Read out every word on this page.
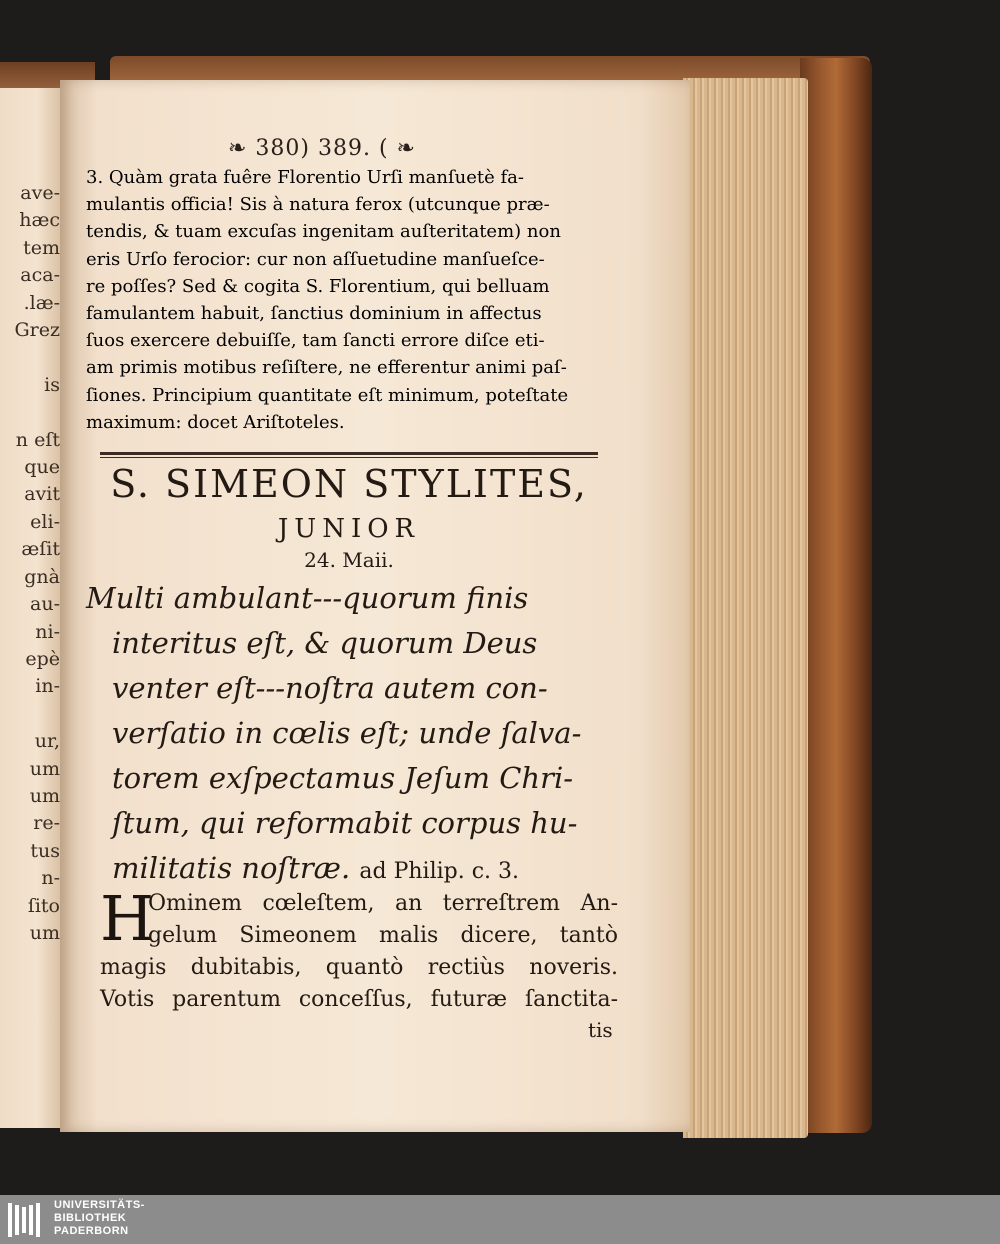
ave-
hæc
tem
aca-
.læ-
Grez

is

n eſt
que
avit
eli-
æſit
gnà
au-
ni-
epè
in-

ur,
um
um
re-
tus
n-
ſito
um
❧ 380) 389. ( ❧
3. Quàm grata fuêre Florentio Urſi manſuetè fa-
mulantis officia! Sis à natura ferox (utcunque præ-
tendis, & tuam excuſas ingenitam auſteritatem) non
eris Urſo ferocior: cur non aſſuetudine manſueſce-
re poſſes? Sed & cogita S. Florentium, qui belluam
famulantem habuit, ſanctius dominium in affectus
ſuos exercere debuiſſe, tam ſancti errore diſce eti-
am primis motibus reſiſtere, ne efferentur animi paſ-
ſiones. Principium quantitate eſt minimum, poteſtate
maximum: docet Ariſtoteles.
S. SIMEON STYLITES,
JUNIOR
24. Maii.
Multi ambulant---quorum finis
interitus eſt, & quorum Deus
venter eſt---noſtra autem con-
verſatio in cœlis eſt; unde ſalva-
torem exſpectamus Jeſum Chri-
ſtum, qui reformabit corpus hu-
militatis noſtræ. ad Philip. c. 3.
H
Ominem cœleſtem, an terreſtrem An-
gelum Simeonem malis dicere, tantò
magis dubitabis, quantò rectiùs noveris.
Votis parentum conceſſus, futuræ ſanctita-
tis
UNIVERSITÄTS-
BIBLIOTHEK
PADERBORN
